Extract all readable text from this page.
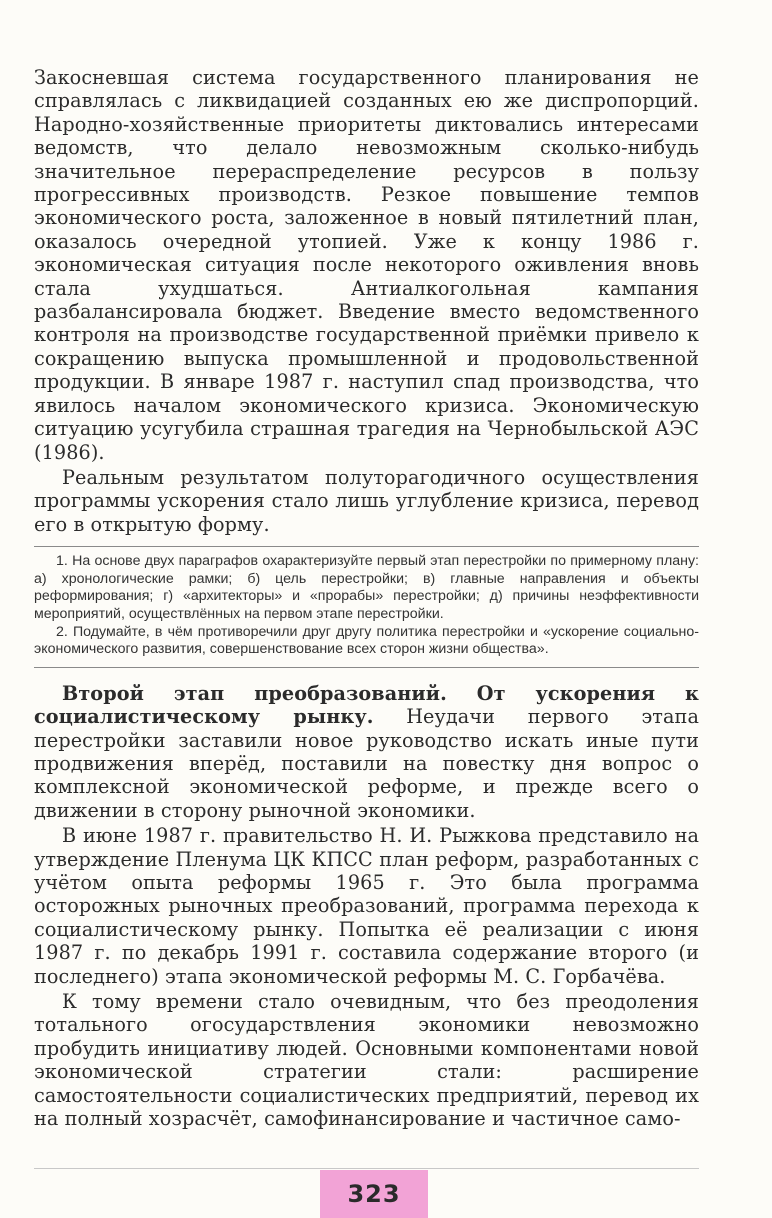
Закосневшая система государственного планирования не справлялась с ликвидацией созданных ею же диспропорций. Народно-хозяйственные приоритеты диктовались интересами ведомств, что делало невозможным сколько-нибудь значительное перераспределение ресурсов в пользу прогрессивных производств. Резкое повышение темпов экономического роста, заложенное в новый пятилетний план, оказалось очередной утопией. Уже к концу 1986 г. экономическая ситуация после некоторого оживления вновь стала ухудшаться. Антиалкогольная кампания разбалансировала бюджет. Введение вместо ведомственного контроля на производстве государственной приёмки привело к сокращению выпуска промышленной и продовольственной продукции. В январе 1987 г. наступил спад производства, что явилось началом экономического кризиса. Экономическую ситуацию усугубила страшная трагедия на Чернобыльской АЭС (1986).

Реальным результатом полуторагодичного осуществления программы ускорения стало лишь углубление кризиса, перевод его в открытую форму.

1. На основе двух параграфов охарактеризуйте первый этап перестройки по примерному плану: а) хронологические рамки; б) цель перестройки; в) главные направления и объекты реформирования; г) «архитекторы» и «прорабы» перестройки; д) причины неэффективности мероприятий, осуществлённых на первом этапе перестройки.

2. Подумайте, в чём противоречили друг другу политика перестройки и «ускорение социально-экономического развития, совершенствование всех сторон жизни общества».

Второй этап преобразований. От ускорения к социалистическому рынку. Неудачи первого этапа перестройки заставили новое руководство искать иные пути продвижения вперёд, поставили на повестку дня вопрос о комплексной экономической реформе, и прежде всего о движении в сторону рыночной экономики.

В июне 1987 г. правительство Н. И. Рыжкова представило на утверждение Пленума ЦК КПСС план реформ, разработанных с учётом опыта реформы 1965 г. Это была программа осторожных рыночных преобразований, программа перехода к социалистическому рынку. Попытка её реализации с июня 1987 г. по декабрь 1991 г. составила содержание второго (и последнего) этапа экономической реформы М. С. Горбачёва.

К тому времени стало очевидным, что без преодоления тотального огосударствления экономики невозможно пробудить инициативу людей. Основными компонентами новой экономической стратегии стали: расширение самостоятельности социалистических предприятий, перевод их на полный хозрасчёт, самофинансирование и частичное само-

323
